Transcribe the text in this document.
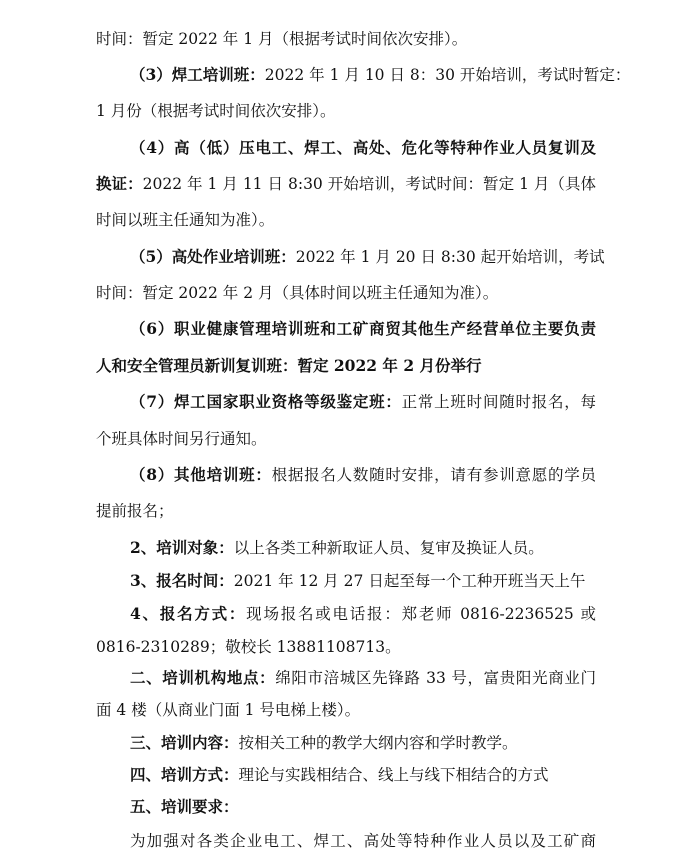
时间：暂定 2022 年 1 月（根据考试时间依次安排）。
（3）焊工培训班：2022 年 1 月 10 日 8：30 开始培训，考试时暂定：
1 月份（根据考试时间依次安排）。
（4）高（低）压电工、焊工、高处、危化等特种作业人员复训及
换证：2022 年 1 月 11 日 8:30 开始培训，考试时间：暂定 1 月（具体
时间以班主任通知为准）。
（5）高处作业培训班：2022 年 1 月 20 日 8:30 起开始培训，考试
时间：暂定 2022 年 2 月（具体时间以班主任通知为准）。
（6）职业健康管理培训班和工矿商贸其他生产经营单位主要负责
人和安全管理员新训复训班：暂定 2022 年 2 月份举行
（7）焊工国家职业资格等级鉴定班：正常上班时间随时报名，每
个班具体时间另行通知。
（8）其他培训班：根据报名人数随时安排，请有参训意愿的学员
提前报名；
2、培训对象：以上各类工种新取证人员、复审及换证人员。
3、报名时间：2021 年 12 月 27 日起至每一个工种开班当天上午
4、报名方式：现场报名或电话报：郑老师 0816-2236525 或
0816-2310289；敬校长 13881108713。
二、培训机构地点：绵阳市涪城区先锋路 33 号，富贵阳光商业门
面 4 楼（从商业门面 1 号电梯上楼）。
三、培训内容：按相关工种的教学大纲内容和学时教学。
四、培训方式：理论与实践相结合、线上与线下相结合的方式
五、培训要求：
为加强对各类企业电工、焊工、高处等特种作业人员以及工矿商
